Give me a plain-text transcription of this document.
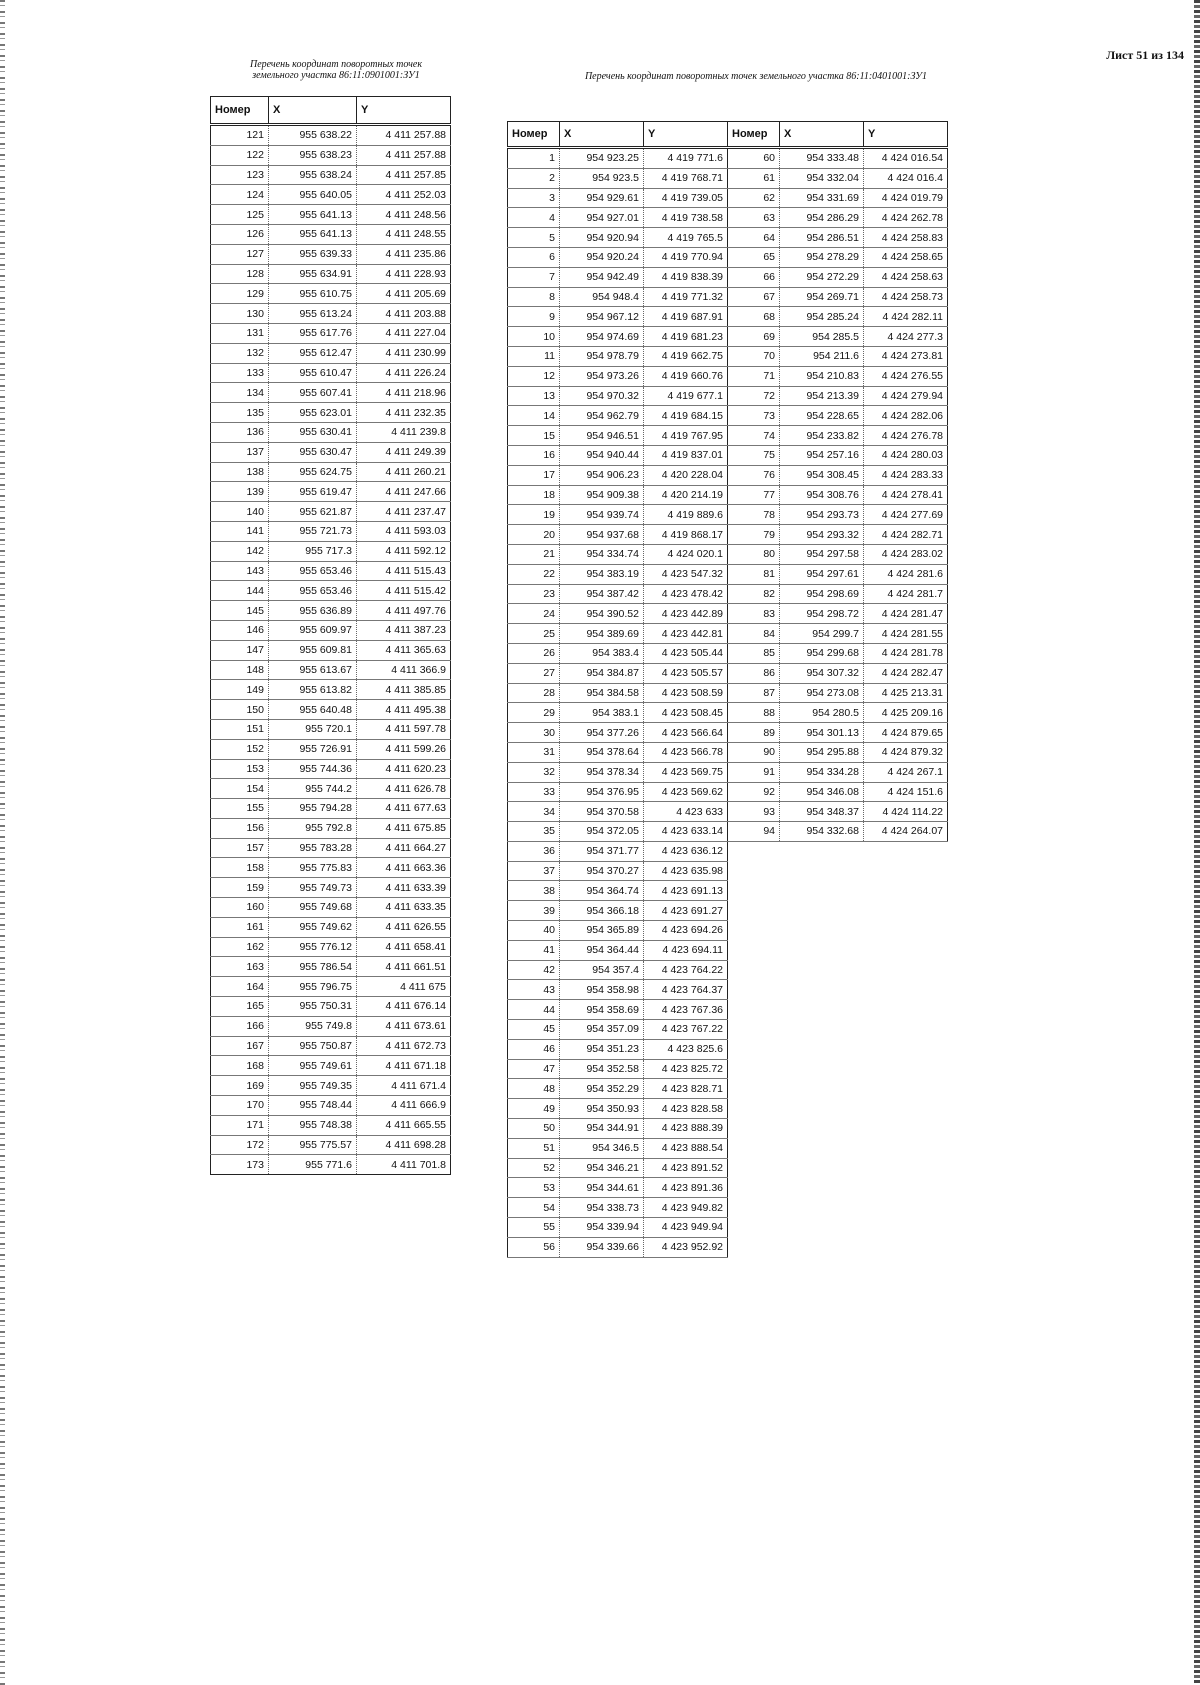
Лист 51 из 134
Перечень координат поворотных точек земельного участка 86:11:0901001:ЗУ1	Перечень координат поворотных точек земельного участка 86:11:0401001:ЗУ1
Номер	X	Y
121	955 638.22	4 411 257.88
122	955 638.23	4 411 257.88
123	955 638.24	4 411 257.85
124	955 640.05	4 411 252.03
125	955 641.13	4 411 248.56
126	955 641.13	4 411 248.55
127	955 639.33	4 411 235.86
128	955 634.91	4 411 228.93
129	955 610.75	4 411 205.69
130	955 613.24	4 411 203.88
131	955 617.76	4 411 227.04
132	955 612.47	4 411 230.99
133	955 610.47	4 411 226.24
134	955 607.41	4 411 218.96
135	955 623.01	4 411 232.35
136	955 630.41	4 411 239.8
137	955 630.47	4 411 249.39
138	955 624.75	4 411 260.21
139	955 619.47	4 411 247.66
140	955 621.87	4 411 237.47
141	955 721.73	4 411 593.03
142	955 717.3	4 411 592.12
143	955 653.46	4 411 515.43
144	955 653.46	4 411 515.42
145	955 636.89	4 411 497.76
146	955 609.97	4 411 387.23
147	955 609.81	4 411 365.63
148	955 613.67	4 411 366.9
149	955 613.82	4 411 385.85
150	955 640.48	4 411 495.38
151	955 720.1	4 411 597.78
152	955 726.91	4 411 599.26
153	955 744.36	4 411 620.23
154	955 744.2	4 411 626.78
155	955 794.28	4 411 677.63
156	955 792.8	4 411 675.85
157	955 783.28	4 411 664.27
158	955 775.83	4 411 663.36
159	955 749.73	4 411 633.39
160	955 749.68	4 411 633.35
161	955 749.62	4 411 626.55
162	955 776.12	4 411 658.41
163	955 786.54	4 411 661.51
164	955 796.75	4 411 675
165	955 750.31	4 411 676.14
166	955 749.8	4 411 673.61
167	955 750.87	4 411 672.73
168	955 749.61	4 411 671.18
169	955 749.35	4 411 671.4
170	955 748.44	4 411 666.9
171	955 748.38	4 411 665.55
172	955 775.57	4 411 698.28
173	955 771.6	4 411 701.8
Номер	X	Y	Номер	X	Y
1	954 923.25	4 419 771.6	60	954 333.48	4 424 016.54
2	954 923.5	4 419 768.71	61	954 332.04	4 424 016.4
3	954 929.61	4 419 739.05	62	954 331.69	4 424 019.79
4	954 927.01	4 419 738.58	63	954 286.29	4 424 262.78
5	954 920.94	4 419 765.5	64	954 286.51	4 424 258.83
6	954 920.24	4 419 770.94	65	954 278.29	4 424 258.65
7	954 942.49	4 419 838.39	66	954 272.29	4 424 258.63
8	954 948.4	4 419 771.32	67	954 269.71	4 424 258.73
9	954 967.12	4 419 687.91	68	954 285.24	4 424 282.11
10	954 974.69	4 419 681.23	69	954 285.5	4 424 277.3
11	954 978.79	4 419 662.75	70	954 211.6	4 424 273.81
12	954 973.26	4 419 660.76	71	954 210.83	4 424 276.55
13	954 970.32	4 419 677.1	72	954 213.39	4 424 279.94
14	954 962.79	4 419 684.15	73	954 228.65	4 424 282.06
15	954 946.51	4 419 767.95	74	954 233.82	4 424 276.78
16	954 940.44	4 419 837.01	75	954 257.16	4 424 280.03
17	954 906.23	4 420 228.04	76	954 308.45	4 424 283.33
18	954 909.38	4 420 214.19	77	954 308.76	4 424 278.41
19	954 939.74	4 419 889.6	78	954 293.73	4 424 277.69
20	954 937.68	4 419 868.17	79	954 293.32	4 424 282.71
21	954 334.74	4 424 020.1	80	954 297.58	4 424 283.02
22	954 383.19	4 423 547.32	81	954 297.61	4 424 281.6
23	954 387.42	4 423 478.42	82	954 298.69	4 424 281.7
24	954 390.52	4 423 442.89	83	954 298.72	4 424 281.47
25	954 389.69	4 423 442.81	84	954 299.7	4 424 281.55
26	954 383.4	4 423 505.44	85	954 299.68	4 424 281.78
27	954 384.87	4 423 505.57	86	954 307.32	4 424 282.47
28	954 384.58	4 423 508.59	87	954 273.08	4 425 213.31
29	954 383.1	4 423 508.45	88	954 280.5	4 425 209.16
30	954 377.26	4 423 566.64	89	954 301.13	4 424 879.65
31	954 378.64	4 423 566.78	90	954 295.88	4 424 879.32
32	954 378.34	4 423 569.75	91	954 334.28	4 424 267.1
33	954 376.95	4 423 569.62	92	954 346.08	4 424 151.6
34	954 370.58	4 423 633	93	954 348.37	4 424 114.22
35	954 372.05	4 423 633.14	94	954 332.68	4 424 264.07
36	954 371.77	4 423 636.12			
37	954 370.27	4 423 635.98			
38	954 364.74	4 423 691.13			
39	954 366.18	4 423 691.27			
40	954 365.89	4 423 694.26			
41	954 364.44	4 423 694.11			
42	954 357.4	4 423 764.22			
43	954 358.98	4 423 764.37			
44	954 358.69	4 423 767.36			
45	954 357.09	4 423 767.22			
46	954 351.23	4 423 825.6			
47	954 352.58	4 423 825.72			
48	954 352.29	4 423 828.71			
49	954 350.93	4 423 828.58			
50	954 344.91	4 423 888.39			
51	954 346.5	4 423 888.54			
52	954 346.21	4 423 891.52			
53	954 344.61	4 423 891.36			
54	954 338.73	4 423 949.82			
55	954 339.94	4 423 949.94			
56	954 339.66	4 423 952.92			
